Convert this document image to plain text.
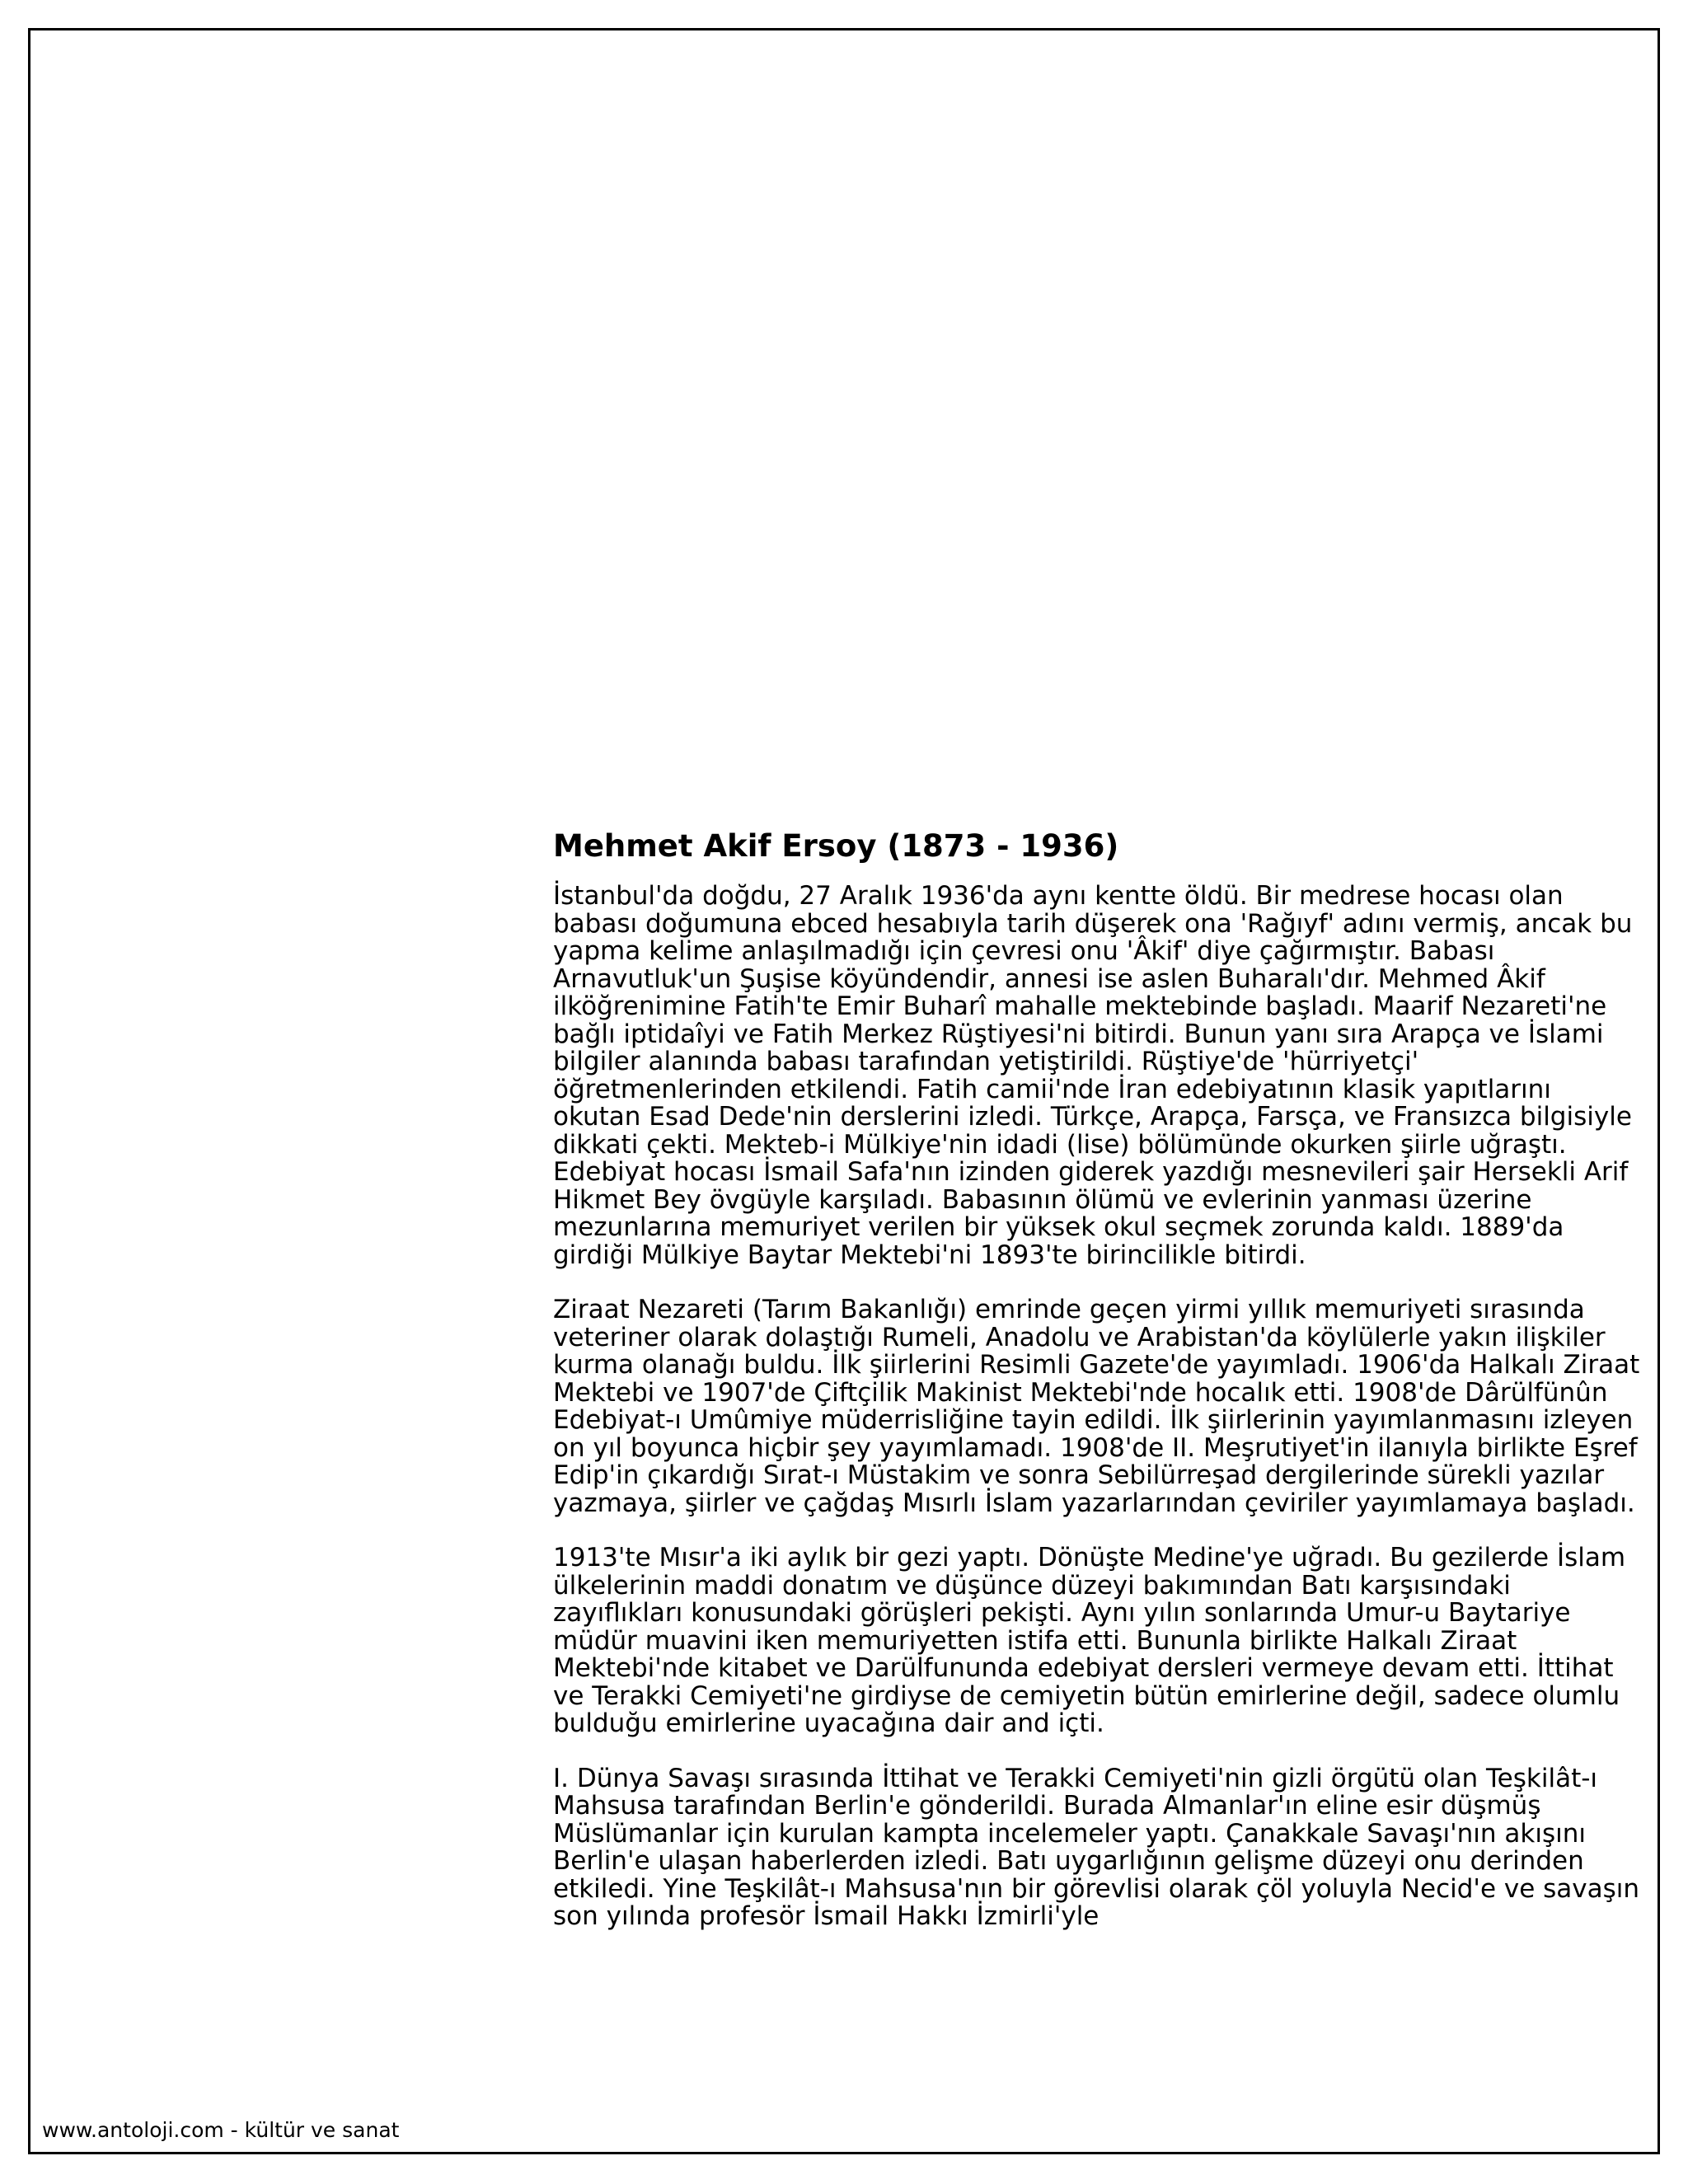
Mehmet Akif Ersoy (1873 - 1936)

İstanbul'da doğdu, 27 Aralık 1936'da aynı kentte öldü. Bir medrese hocası olan babası doğumuna ebced hesabıyla tarih düşerek ona 'Rağıyf' adını vermiş, ancak bu yapma kelime anlaşılmadığı için çevresi onu 'Âkif' diye çağırmıştır. Babası Arnavutluk'un Şuşise köyündendir, annesi ise aslen Buharalı'dır. Mehmed Âkif ilköğrenimine Fatih'te Emir Buharî mahalle mektebinde başladı. Maarif Nezareti'ne bağlı iptidaîyi ve Fatih Merkez Rüştiyesi'ni bitirdi. Bunun yanı sıra Arapça ve İslami bilgiler alanında babası tarafından yetiştirildi. Rüştiye'de 'hürriyetçi' öğretmenlerinden etkilendi. Fatih camii'nde İran edebiyatının klasik yapıtlarını okutan Esad Dede'nin derslerini izledi. Türkçe, Arapça, Farsça, ve Fransızca bilgisiyle dikkati çekti. Mekteb-i Mülkiye'nin idadi (lise) bölümünde okurken şiirle uğraştı. Edebiyat hocası İsmail Safa'nın izinden giderek yazdığı mesnevileri şair Hersekli Arif Hikmet Bey övgüyle karşıladı. Babasının ölümü ve evlerinin yanması üzerine mezunlarına memuriyet verilen bir yüksek okul seçmek zorunda kaldı. 1889'da girdiği Mülkiye Baytar Mektebi'ni 1893'te birincilikle bitirdi.

Ziraat Nezareti (Tarım Bakanlığı) emrinde geçen yirmi yıllık memuriyeti sırasında veteriner olarak dolaştığı Rumeli, Anadolu ve Arabistan'da köylülerle yakın ilişkiler kurma olanağı buldu. İlk şiirlerini Resimli Gazete'de yayımladı. 1906'da Halkalı Ziraat Mektebi ve 1907'de Çiftçilik Makinist Mektebi'nde hocalık etti. 1908'de Dârülfünûn Edebiyat-ı Umûmiye müderrisliğine tayin edildi. İlk şiirlerinin yayımlanmasını izleyen on yıl boyunca hiçbir şey yayımlamadı. 1908'de II. Meşrutiyet'in ilanıyla birlikte Eşref Edip'in çıkardığı Sırat-ı Müstakim ve sonra Sebilürreşad dergilerinde sürekli yazılar yazmaya, şiirler ve çağdaş Mısırlı İslam yazarlarından çeviriler yayımlamaya başladı.

1913'te Mısır'a iki aylık bir gezi yaptı. Dönüşte Medine'ye uğradı. Bu gezilerde İslam ülkelerinin maddi donatım ve düşünce düzeyi bakımından Batı karşısındaki zayıflıkları konusundaki görüşleri pekişti. Aynı yılın sonlarında Umur-u Baytariye müdür muavini iken memuriyetten istifa etti. Bununla birlikte Halkalı Ziraat Mektebi'nde kitabet ve Darülfununda edebiyat dersleri vermeye devam etti. İttihat ve Terakki Cemiyeti'ne girdiyse de cemiyetin bütün emirlerine değil, sadece olumlu bulduğu emirlerine uyacağına dair and içti.

I. Dünya Savaşı sırasında İttihat ve Terakki Cemiyeti'nin gizli örgütü olan Teşkilât-ı Mahsusa tarafından Berlin'e gönderildi. Burada Almanlar'ın eline esir düşmüş Müslümanlar için kurulan kampta incelemeler yaptı. Çanakkale Savaşı'nın akışını Berlin'e ulaşan haberlerden izledi. Batı uygarlığının gelişme düzeyi onu derinden etkiledi. Yine Teşkilât-ı Mahsusa'nın bir görevlisi olarak çöl yoluyla Necid'e ve savaşın son yılında profesör İsmail Hakkı İzmirli'yle

www.antoloji.com - kültür ve sanat
